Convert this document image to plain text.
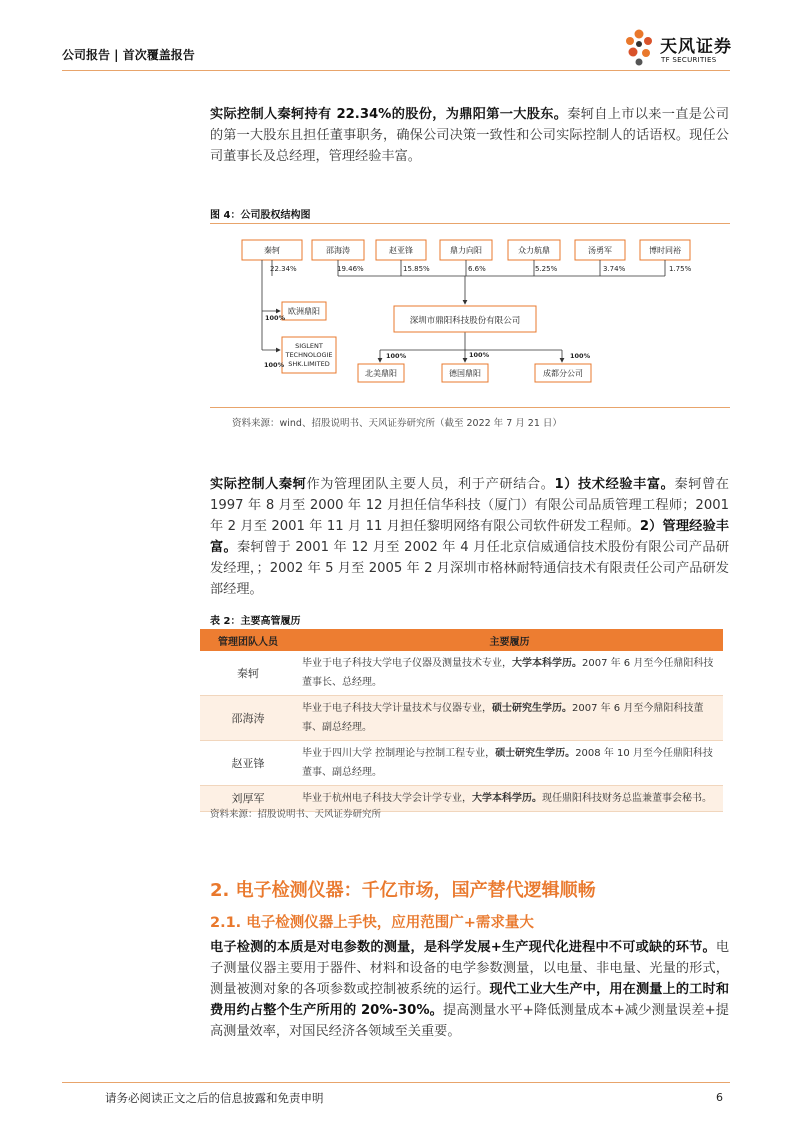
公司报告 | 首次覆盖报告	天风证券
TF SECURITIES
实际控制人秦轲持有 22.34%的股份，为鼎阳第一大股东。秦轲自上市以来一直是公司的第一大股东且担任董事职务，确保公司决策一致性和公司实际控制人的话语权。现任公司董事长及总经理，管理经验丰富。
图 4：公司股权结构图
秦轲	邵海涛	赵亚锋	鼎力向阳	众力航鼎	汤勇军	博时同裕
22.34%	19.46%	15.85%	6.6%	5.25%	3.74%	1.75%
欧洲鼎阳
SIGLENT
TECHNOLOGIE
SHK.LIMITED
100%
100%
深圳市鼎阳科技股份有限公司
北美鼎阳	德国鼎阳	成都分公司
100%	100%	100%
资料来源：wind、招股说明书、天风证券研究所（截至 2022 年 7 月 21 日）
实际控制人秦轲作为管理团队主要人员，利于产研结合。1）技术经验丰富。秦轲曾在 1997 年 8 月至 2000 年 12 月担任信华科技（厦门）有限公司品质管理工程师；2001 年 2 月至 2001 年 11 月 11 月担任黎明网络有限公司软件研发工程师。2）管理经验丰富。秦轲曾于 2001 年 12 月至 2002 年 4 月任北京信威通信技术股份有限公司产品研发经理，；2002 年 5 月至 2005 年 2 月深圳市格林耐特通信技术有限责任公司产品研发部经理。
表 2：主要高管履历
管理团队人员	主要履历
秦轲	毕业于电子科技大学电子仪器及测量技术专业，大学本科学历。2007 年 6 月至今任鼎阳科技董事长、总经理。
邵海涛	毕业于电子科技大学计量技术与仪器专业，硕士研究生学历。2007 年 6 月至今鼎阳科技董事、副总经理。
赵亚锋	毕业于四川大学 控制理论与控制工程专业，硕士研究生学历。2008 年 10 月至今任鼎阳科技董事、副总经理。
刘厚军	毕业于杭州电子科技大学会计学专业，大学本科学历。现任鼎阳科技财务总监兼董事会秘书。
资料来源：招股说明书、天风证券研究所
2. 电子检测仪器：千亿市场，国产替代逻辑顺畅
2.1. 电子检测仪器上手快，应用范围广+需求量大
电子检测的本质是对电参数的测量，是科学发展+生产现代化进程中不可或缺的环节。电子测量仪器主要用于器件、材料和设备的电学参数测量，以电量、非电量、光量的形式，测量被测对象的各项参数或控制被系统的运行。现代工业大生产中，用在测量上的工时和费用约占整个生产所用的 20%-30%。提高测量水平+降低测量成本+减少测量误差+提高测量效率，对国民经济各领域至关重要。
请务必阅读正文之后的信息披露和免责申明	6
